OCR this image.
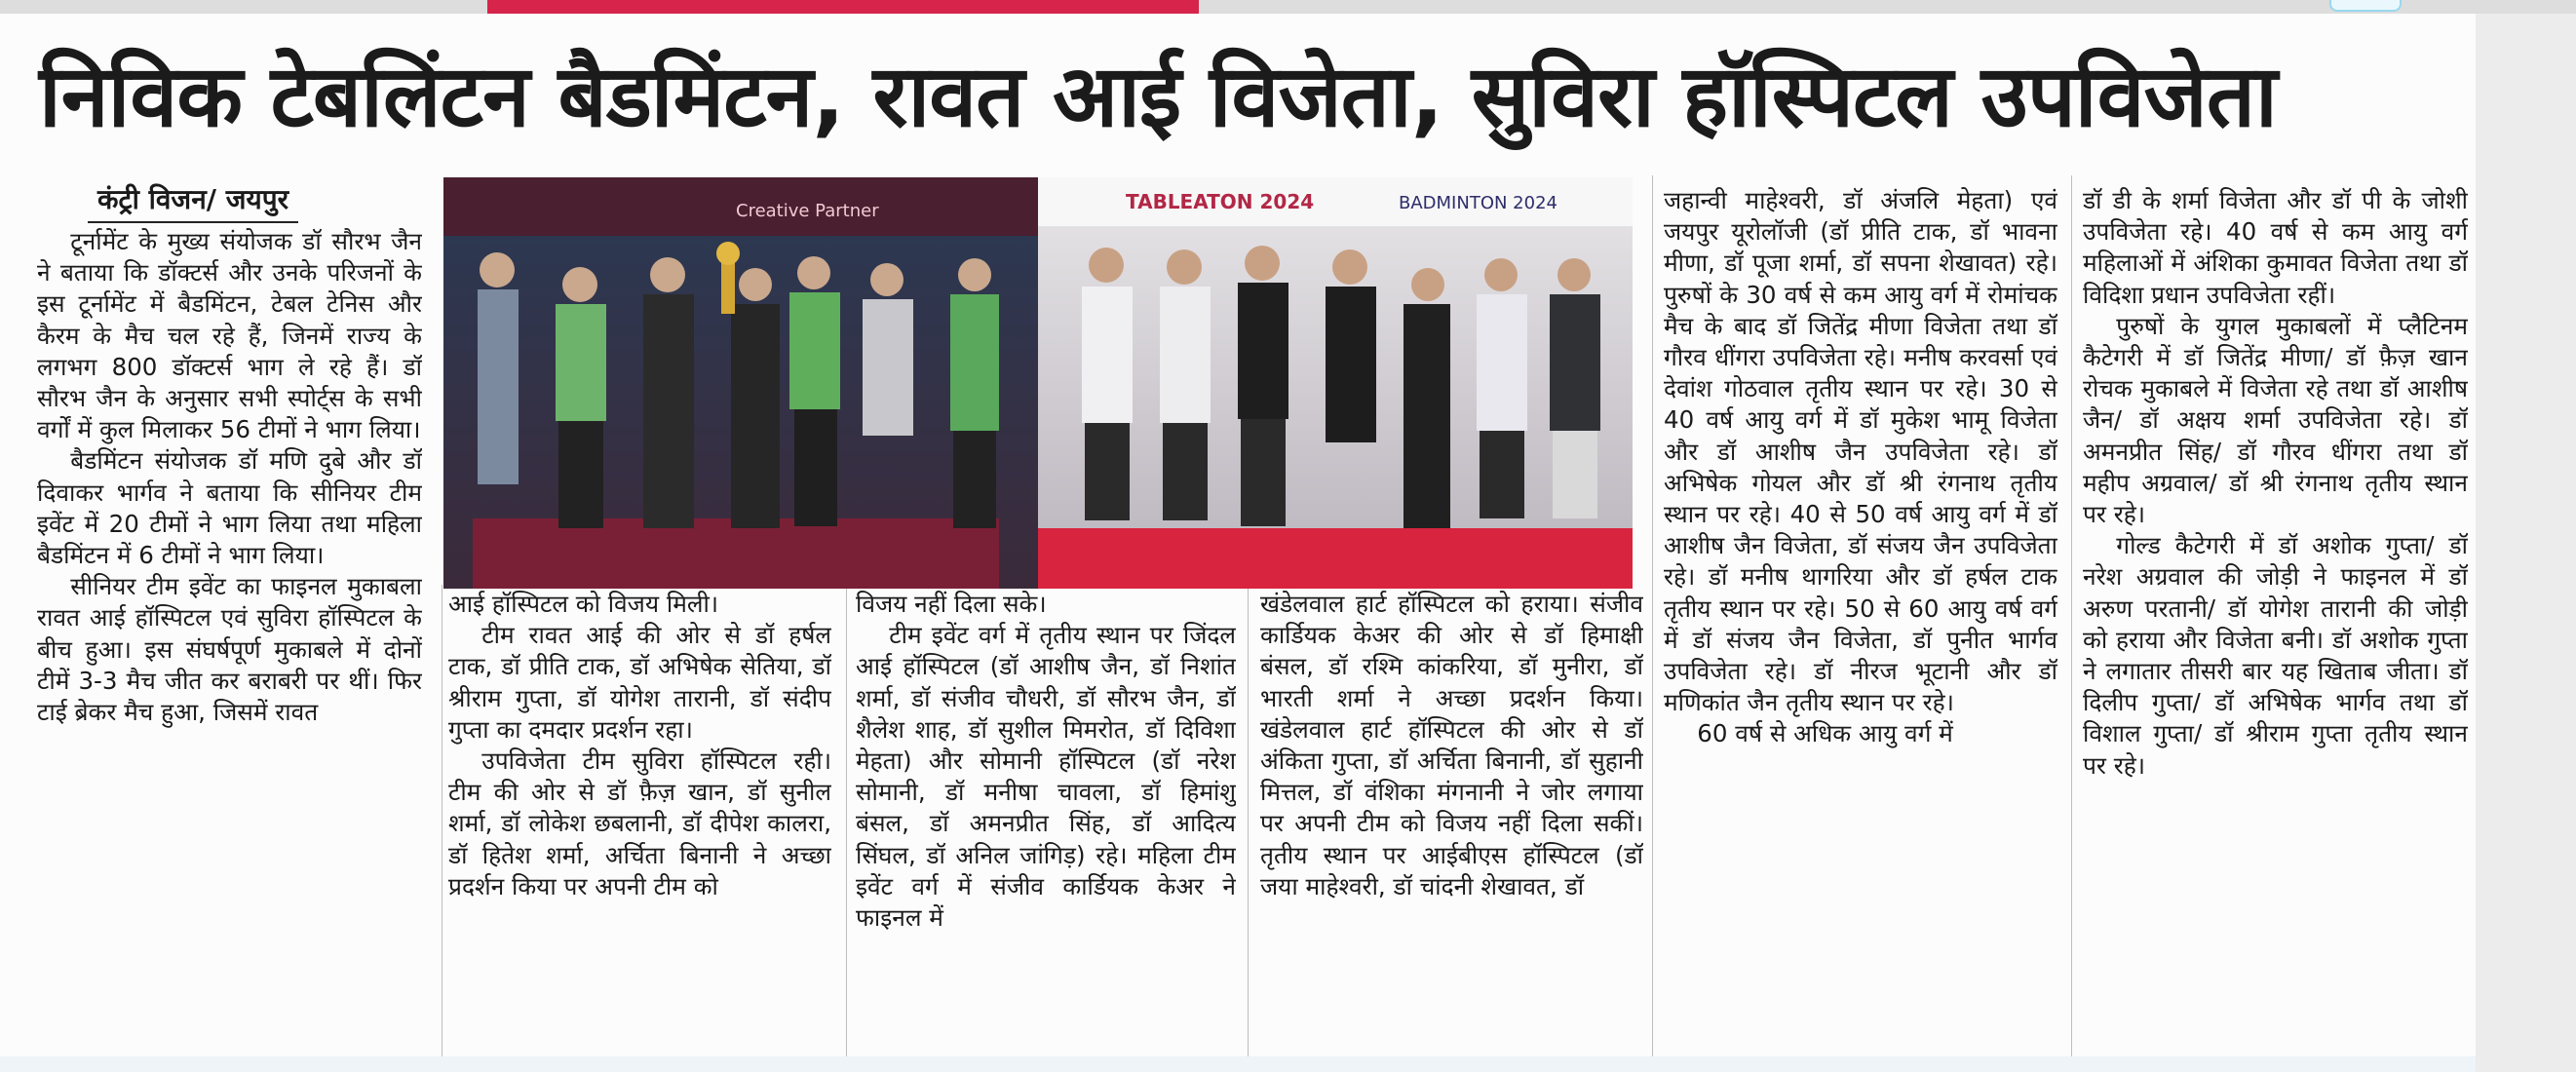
निविक टेबलिंटन बैडमिंटन, रावत आई विजेता, सुविरा हॉस्पिटल उपविजेता
कंट्री विजन/ जयपुर

टूर्नामेंट के मुख्य संयोजक डॉ सौरभ जैन ने बताया कि डॉक्टर्स और उनके परिजनों के इस टूर्नामेंट में बैडमिंटन, टेबल टेनिस और कैरम के मैच चल रहे हैं, जिनमें राज्य के लगभग 800 डॉक्टर्स भाग ले रहे हैं। डॉ सौरभ जैन के अनुसार सभी स्पोर्ट्स के सभी वर्गों में कुल मिलाकर 56 टीमों ने भाग लिया।

बैडमिंटन संयोजक डॉ मणि दुबे और डॉ दिवाकर भार्गव ने बताया कि सीनियर टीम इवेंट में 20 टीमों ने भाग लिया तथा महिला बैडमिंटन में 6 टीमों ने भाग लिया।

सीनियर टीम इवेंट का फाइनल मुकाबला रावत आई हॉस्पिटल एवं सुविरा हॉस्पिटल के बीच हुआ। इस संघर्षपूर्ण मुकाबले में दोनों टीमें 3-3 मैच जीत कर बराबरी पर थीं। फिर टाई ब्रेकर मैच हुआ, जिसमें रावत

Creative Partner	TABLEATON 2024	BADMINTON 2024

आई हॉस्पिटल को विजय मिली।

टीम रावत आई की ओर से डॉ हर्षल टाक, डॉ प्रीति टाक, डॉ अभिषेक सेतिया, डॉ श्रीराम गुप्ता, डॉ योगेश तारानी, डॉ संदीप गुप्ता का दमदार प्रदर्शन रहा।

उपविजेता टीम सुविरा हॉस्पिटल रही। टीम की ओर से डॉ फ़ैज़ खान, डॉ सुनील शर्मा, डॉ लोकेश छबलानी, डॉ दीपेश कालरा, डॉ हितेश शर्मा, अर्चिता बिनानी ने अच्छा प्रदर्शन किया पर अपनी टीम को

विजय नहीं दिला सके।

टीम इवेंट वर्ग में तृतीय स्थान पर जिंदल आई हॉस्पिटल (डॉ आशीष जैन, डॉ निशांत शर्मा, डॉ संजीव चौधरी, डॉ सौरभ जैन, डॉ शैलेश शाह, डॉ सुशील मिमरोत, डॉ दिविशा मेहता) और सोमानी हॉस्पिटल (डॉ नरेश सोमानी, डॉ मनीषा चावला, डॉ हिमांशु बंसल, डॉ अमनप्रीत सिंह, डॉ आदित्य सिंघल, डॉ अनिल जांगिड़) रहे। महिला टीम इवेंट वर्ग में संजीव कार्डियक केअर ने फाइनल में

खंडेलवाल हार्ट हॉस्पिटल को हराया। संजीव कार्डियक केअर की ओर से डॉ हिमाक्षी बंसल, डॉ रश्मि कांकरिया, डॉ मुनीरा, डॉ भारती शर्मा ने अच्छा प्रदर्शन किया। खंडेलवाल हार्ट हॉस्पिटल की ओर से डॉ अंकिता गुप्ता, डॉ अर्चिता बिनानी, डॉ सुहानी मित्तल, डॉ वंशिका मंगनानी ने जोर लगाया पर अपनी टीम को विजय नहीं दिला सकीं। तृतीय स्थान पर आईबीएस हॉस्पिटल (डॉ जया माहेश्वरी, डॉ चांदनी शेखावत, डॉ

जहान्वी माहेश्वरी, डॉ अंजलि मेहता) एवं जयपुर यूरोलॉजी (डॉ प्रीति टाक, डॉ भावना मीणा, डॉ पूजा शर्मा, डॉ सपना शेखावत) रहे। पुरुषों के 30 वर्ष से कम आयु वर्ग में रोमांचक मैच के बाद डॉ जितेंद्र मीणा विजेता तथा डॉ गौरव धींगरा उपविजेता रहे। मनीष करवर्सा एवं देवांश गोठवाल तृतीय स्थान पर रहे। 30 से 40 वर्ष आयु वर्ग में डॉ मुकेश भामू विजेता और डॉ आशीष जैन उपविजेता रहे। डॉ अभिषेक गोयल और डॉ श्री रंगनाथ तृतीय स्थान पर रहे। 40 से 50 वर्ष आयु वर्ग में डॉ आशीष जैन विजेता, डॉ संजय जैन उपविजेता रहे। डॉ मनीष थागरिया और डॉ हर्षल टाक तृतीय स्थान पर रहे। 50 से 60 आयु वर्ष वर्ग में डॉ संजय जैन विजेता, डॉ पुनीत भार्गव उपविजेता रहे। डॉ नीरज भूटानी और डॉ मणिकांत जैन तृतीय स्थान पर रहे।

60 वर्ष से अधिक आयु वर्ग में

डॉ डी के शर्मा विजेता और डॉ पी के जोशी उपविजेता रहे। 40 वर्ष से कम आयु वर्ग महिलाओं में अंशिका कुमावत विजेता तथा डॉ विदिशा प्रधान उपविजेता रहीं।

पुरुषों के युगल मुकाबलों में प्लैटिनम कैटेगरी में डॉ जितेंद्र मीणा/ डॉ फ़ैज़ खान रोचक मुकाबले में विजेता रहे तथा डॉ आशीष जैन/ डॉ अक्षय शर्मा उपविजेता रहे। डॉ अमनप्रीत सिंह/ डॉ गौरव धींगरा तथा डॉ महीप अग्रवाल/ डॉ श्री रंगनाथ तृतीय स्थान पर रहे।

गोल्ड कैटेगरी में डॉ अशोक गुप्ता/ डॉ नरेश अग्रवाल की जोड़ी ने फाइनल में डॉ अरुण परतानी/ डॉ योगेश तारानी की जोड़ी को हराया और विजेता बनी। डॉ अशोक गुप्ता ने लगातार तीसरी बार यह खिताब जीता। डॉ दिलीप गुप्ता/ डॉ अभिषेक भार्गव तथा डॉ विशाल गुप्ता/ डॉ श्रीराम गुप्ता तृतीय स्थान पर रहे।
